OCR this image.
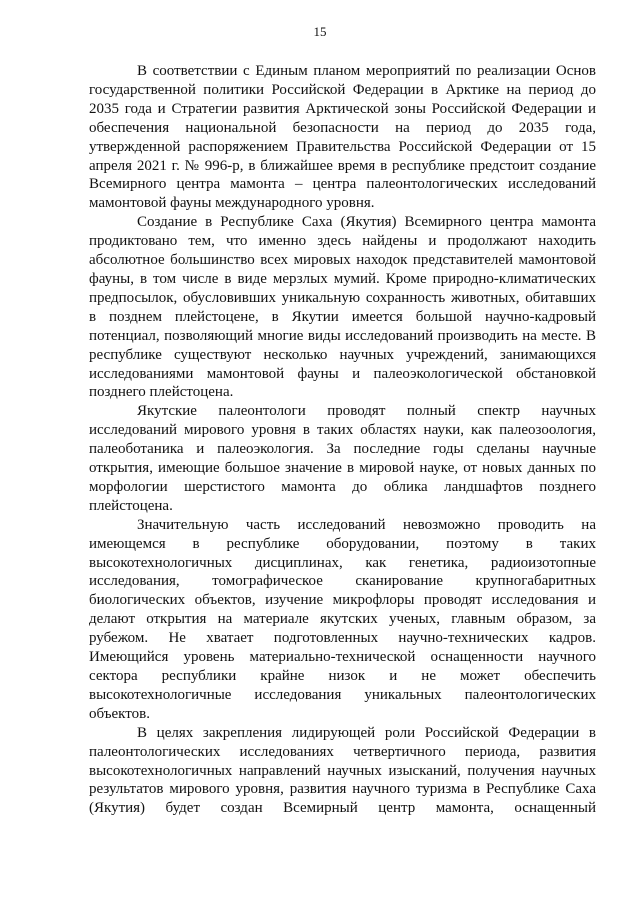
15

В соответствии с Единым планом мероприятий по реализации Основ государственной политики Российской Федерации в Арктике на период до 2035 года и Стратегии развития Арктической зоны Российской Федерации и обеспечения национальной безопасности на период до 2035 года, утвержденной распоряжением Правительства Российской Федерации от 15 апреля 2021 г. № 996-р, в ближайшее время в республике предстоит создание Всемирного центра мамонта – центра палеонтологических исследований мамонтовой фауны международного уровня.

Создание в Республике Саха (Якутия) Всемирного центра мамонта продиктовано тем, что именно здесь найдены и продолжают находить абсолютное большинство всех мировых находок представителей мамонтовой фауны, в том числе в виде мерзлых мумий. Кроме природно-климатических предпосылок, обусловивших уникальную сохранность животных, обитавших в позднем плейстоцене, в Якутии имеется большой научно-кадровый потенциал, позволяющий многие виды исследований производить на месте. В республике существуют несколько научных учреждений, занимающихся исследованиями мамонтовой фауны и палеоэкологической обстановкой позднего плейстоцена.

Якутские палеонтологи проводят полный спектр научных исследований мирового уровня в таких областях науки, как палеозоология, палеоботаника и палеоэкология. За последние годы сделаны научные открытия, имеющие большое значение в мировой науке, от новых данных по морфологии шерстистого мамонта до облика ландшафтов позднего плейстоцена.

Значительную часть исследований невозможно проводить на имеющемся в республике оборудовании, поэтому в таких высокотехнологичных дисциплинах, как генетика, радиоизотопные исследования, томографическое сканирование крупногабаритных биологических объектов, изучение микрофлоры проводят исследования и делают открытия на материале якутских ученых, главным образом, за рубежом. Не хватает подготовленных научно-технических кадров. Имеющийся уровень материально-технической оснащенности научного сектора республики крайне низок и не может обеспечить высокотехнологичные исследования уникальных палеонтологических объектов.

В целях закрепления лидирующей роли Российской Федерации в палеонтологических исследованиях четвертичного периода, развития высокотехнологичных направлений научных изысканий, получения научных результатов мирового уровня, развития научного туризма в Республике Саха (Якутия) будет создан Всемирный центр мамонта, оснащенный
